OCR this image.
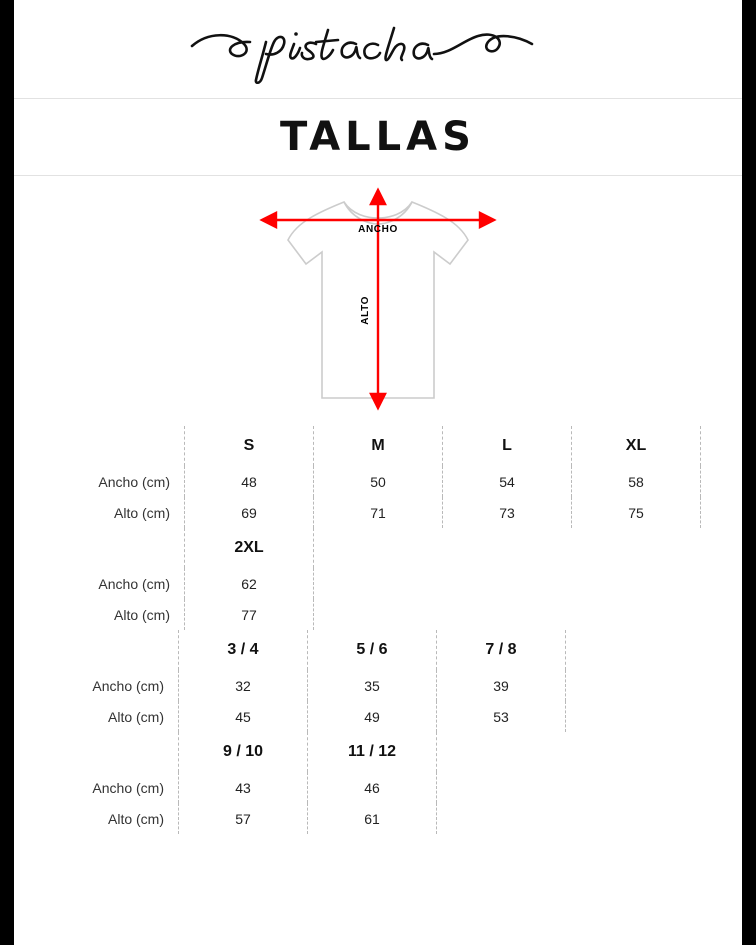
TALLAS
ANCHO
ALTO
	S	M	L	XL
Ancho (cm)	48	50	54	58
Alto (cm)	69	71	73	75
	2XL
Ancho (cm)	62
Alto (cm)	77
	3 / 4	5 / 6	7 / 8
Ancho (cm)	32	35	39
Alto (cm)	45	49	53
	9 / 10	11 / 12
Ancho (cm)	43	46
Alto (cm)	57	61
